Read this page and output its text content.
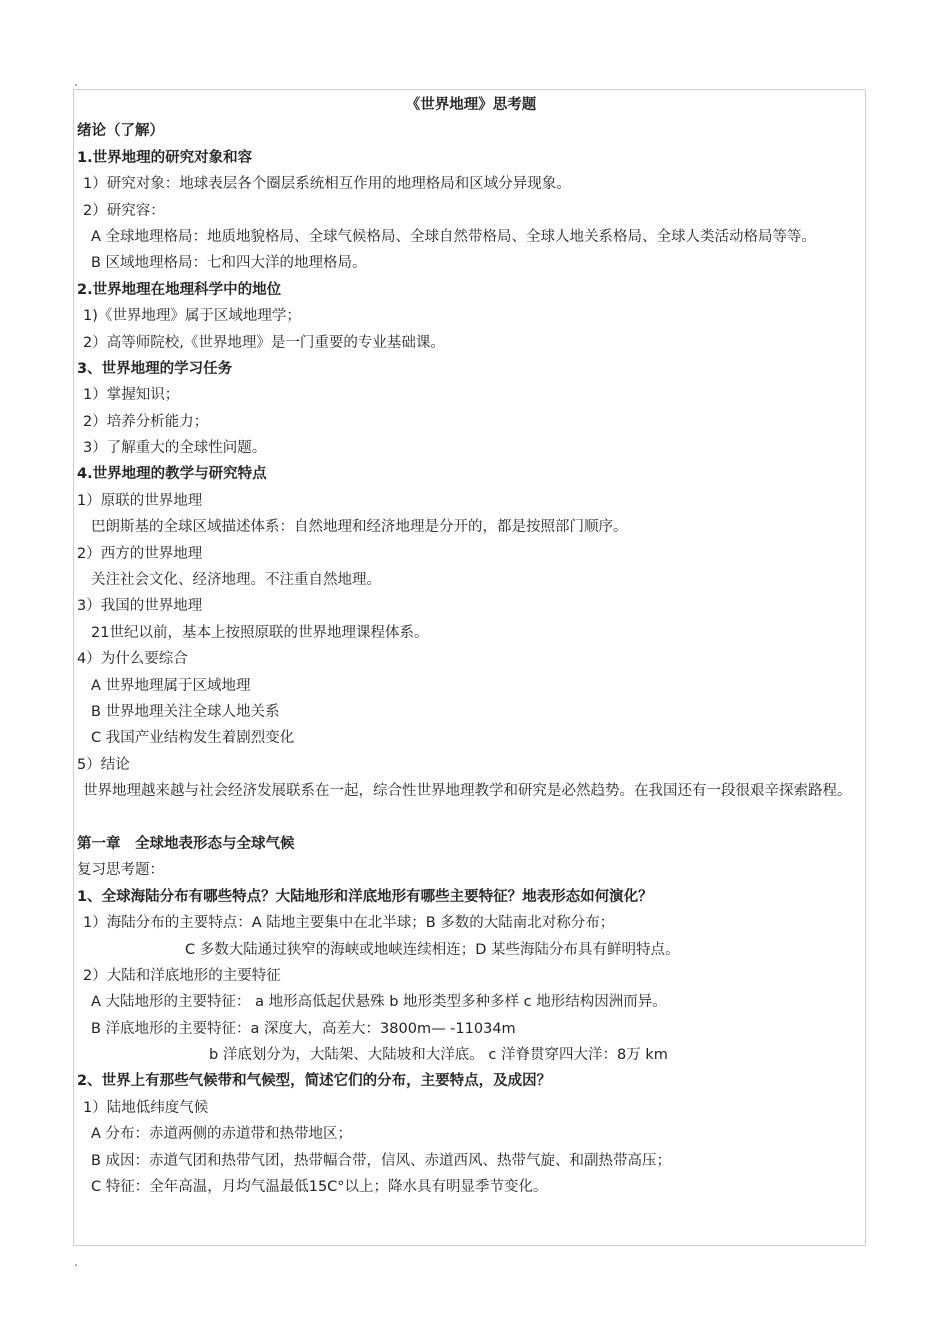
.
《世界地理》思考题
绪论（了解）
1.世界地理的研究对象和容
1）研究对象：地球表层各个圈层系统相互作用的地理格局和区域分异现象。
2）研究容：
A 全球地理格局：地质地貌格局、全球气候格局、全球自然带格局、全球人地关系格局、全球人类活动格局等等。
B 区域地理格局：七和四大洋的地理格局。
2.世界地理在地理科学中的地位
1)《世界地理》属于区域地理学；
2）高等师院校,《世界地理》是一门重要的专业基础课。
3、世界地理的学习任务
1）掌握知识；
2）培养分析能力；
3）了解重大的全球性问题。
4.世界地理的教学与研究特点
1）原联的世界地理
巴朗斯基的全球区域描述体系：自然地理和经济地理是分开的，都是按照部门顺序。
2）西方的世界地理
关注社会文化、经济地理。不注重自然地理。
3）我国的世界地理
21世纪以前，基本上按照原联的世界地理课程体系。
4）为什么要综合
A 世界地理属于区域地理
B 世界地理关注全球人地关系
C 我国产业结构发生着剧烈变化
5）结论
世界地理越来越与社会经济发展联系在一起，综合性世界地理教学和研究是必然趋势。在我国还有一段很艰辛探索路程。
第一章　全球地表形态与全球气候
复习思考题：
1、全球海陆分布有哪些特点？大陆地形和洋底地形有哪些主要特征？地表形态如何演化？
1）海陆分布的主要特点：A 陆地主要集中在北半球；B 多数的大陆南北对称分布；
C 多数大陆通过狭窄的海峡或地峡连续相连；D 某些海陆分布具有鲜明特点。
2）大陆和洋底地形的主要特征
A 大陆地形的主要特征： a 地形高低起伏悬殊 b 地形类型多种多样 c 地形结构因洲而异。
B 洋底地形的主要特征：a 深度大，高差大：3800m— -11034m
b 洋底划分为，大陆架、大陆坡和大洋底。 c 洋脊贯穿四大洋：8万 km
2、世界上有那些气候带和气候型，简述它们的分布，主要特点，及成因？
1）陆地低纬度气候
A 分布：赤道两侧的赤道带和热带地区；
B 成因：赤道气团和热带气团，热带幅合带，信风、赤道西风、热带气旋、和副热带高压；
C 特征：全年高温，月均气温最低15C°以上；降水具有明显季节变化。
.
